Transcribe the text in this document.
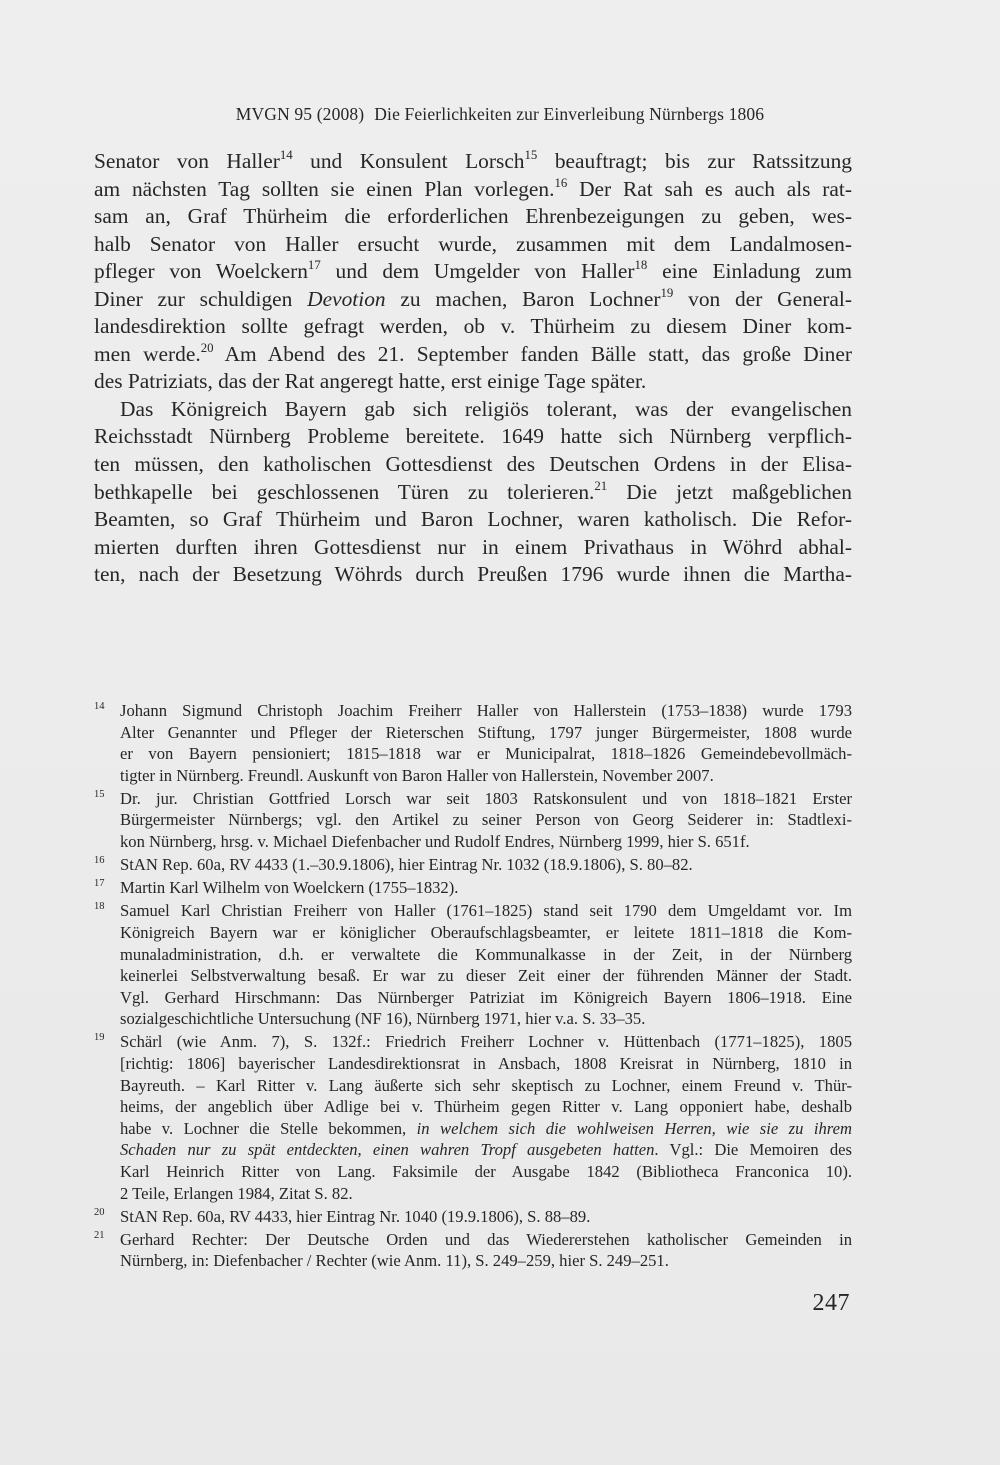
MVGN 95 (2008) Die Feierlichkeiten zur Einverleibung Nürnbergs 1806
Senator von Haller$^{14}$ und Konsulent Lorsch$^{15}$ beauftragt; bis zur Ratssitzung
am nächsten Tag sollten sie einen Plan vorlegen.$^{16}$ Der Rat sah es auch als rat-
sam an, Graf Thürheim die erforderlichen Ehrenbezeigungen zu geben, wes-
halb Senator von Haller ersucht wurde, zusammen mit dem Landalmosen-
pfleger von Woelckern$^{17}$ und dem Umgelder von Haller$^{18}$ eine Einladung zum
Diner zur schuldigen Devotion zu machen, Baron Lochner$^{19}$ von der General-
landesdirektion sollte gefragt werden, ob v. Thürheim zu diesem Diner kom-
men werde.$^{20}$ Am Abend des 21. September fanden Bälle statt, das große Diner
des Patriziats, das der Rat angeregt hatte, erst einige Tage später.
Das Königreich Bayern gab sich religiös tolerant, was der evangelischen
Reichsstadt Nürnberg Probleme bereitete. 1649 hatte sich Nürnberg verpflich-
ten müssen, den katholischen Gottesdienst des Deutschen Ordens in der Elisa-
bethkapelle bei geschlossenen Türen zu tolerieren.$^{21}$ Die jetzt maßgeblichen
Beamten, so Graf Thürheim und Baron Lochner, waren katholisch. Die Refor-
mierten durften ihren Gottesdienst nur in einem Privathaus in Wöhrd abhal-
ten, nach der Besetzung Wöhrds durch Preußen 1796 wurde ihnen die Martha-
14 Johann Sigmund Christoph Joachim Freiherr Haller von Hallerstein (1753–1838) wurde 1793
Alter Genannter und Pfleger der Rieterschen Stiftung, 1797 junger Bürgermeister, 1808 wurde
er von Bayern pensioniert; 1815–1818 war er Municipalrat, 1818–1826 Gemeindebevollmäch-
tigter in Nürnberg. Freundl. Auskunft von Baron Haller von Hallerstein, November 2007.
15 Dr. jur. Christian Gottfried Lorsch war seit 1803 Ratskonsulent und von 1818–1821 Erster
Bürgermeister Nürnbergs; vgl. den Artikel zu seiner Person von Georg Seiderer in: Stadtlexi-
kon Nürnberg, hrsg. v. Michael Diefenbacher und Rudolf Endres, Nürnberg 1999, hier S. 651f.
16 StAN Rep. 60a, RV 4433 (1.–30.9.1806), hier Eintrag Nr. 1032 (18.9.1806), S. 80–82.
17 Martin Karl Wilhelm von Woelckern (1755–1832).
18 Samuel Karl Christian Freiherr von Haller (1761–1825) stand seit 1790 dem Umgeldamt vor. Im
Königreich Bayern war er königlicher Oberaufschlagsbeamter, er leitete 1811–1818 die Kom-
munaladministration, d.h. er verwaltete die Kommunalkasse in der Zeit, in der Nürnberg
keinerlei Selbstverwaltung besaß. Er war zu dieser Zeit einer der führenden Männer der Stadt.
Vgl. Gerhard Hirschmann: Das Nürnberger Patriziat im Königreich Bayern 1806–1918. Eine
sozialgeschichtliche Untersuchung (NF 16), Nürnberg 1971, hier v.a. S. 33–35.
19 Schärl (wie Anm. 7), S. 132f.: Friedrich Freiherr Lochner v. Hüttenbach (1771–1825), 1805
[richtig: 1806] bayerischer Landesdirektionsrat in Ansbach, 1808 Kreisrat in Nürnberg, 1810 in
Bayreuth. – Karl Ritter v. Lang äußerte sich sehr skeptisch zu Lochner, einem Freund v. Thür-
heims, der angeblich über Adlige bei v. Thürheim gegen Ritter v. Lang opponiert habe, deshalb
habe v. Lochner die Stelle bekommen, in welchem sich die wohlweisen Herren, wie sie zu ihrem
Schaden nur zu spät entdeckten, einen wahren Tropf ausgebeten hatten. Vgl.: Die Memoiren des
Karl Heinrich Ritter von Lang. Faksimile der Ausgabe 1842 (Bibliotheca Franconica 10).
2 Teile, Erlangen 1984, Zitat S. 82.
20 StAN Rep. 60a, RV 4433, hier Eintrag Nr. 1040 (19.9.1806), S. 88–89.
21 Gerhard Rechter: Der Deutsche Orden und das Wiedererstehen katholischer Gemeinden in
Nürnberg, in: Diefenbacher / Rechter (wie Anm. 11), S. 249–259, hier S. 249–251.
247
